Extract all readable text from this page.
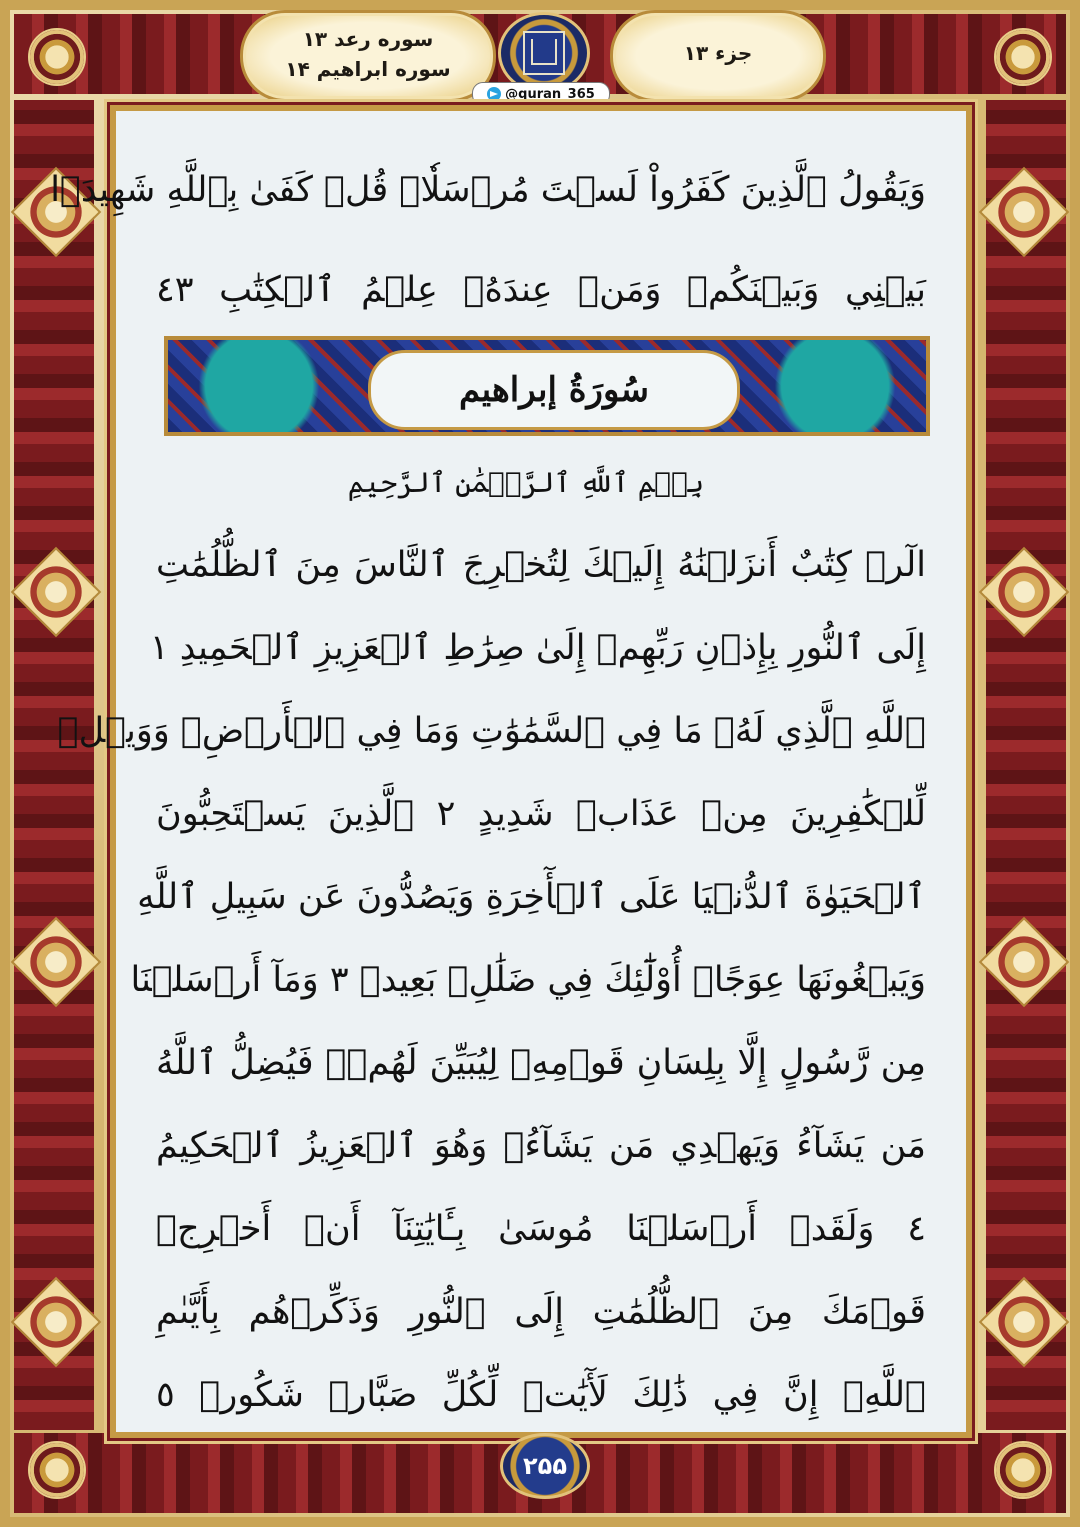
سوره رعد ۱۳
سوره ابراهیم ۱۴
جزء ۱۳
@quran_365
وَيَقُولُ ٱلَّذِينَ كَفَرُواْ لَسۡتَ مُرۡسَلٗاۚ قُلۡ كَفَىٰ بِٱللَّهِ شَهِيدَۢا
بَيۡنِي وَبَيۡنَكُمۡ وَمَنۡ عِندَهُۥ عِلۡمُ ٱلۡكِتَٰبِ ٤٣
سُورَةُ إبراهيم
بِسۡمِ ٱللَّهِ ٱلرَّحۡمَٰنِ ٱلرَّحِيمِ
الٓرۚ كِتَٰبٌ أَنزَلۡنَٰهُ إِلَيۡكَ لِتُخۡرِجَ ٱلنَّاسَ مِنَ ٱلظُّلُمَٰتِ
إِلَى ٱلنُّورِ بِإِذۡنِ رَبِّهِمۡ إِلَىٰ صِرَٰطِ ٱلۡعَزِيزِ ٱلۡحَمِيدِ ١
ٱللَّهِ ٱلَّذِي لَهُۥ مَا فِي ٱلسَّمَٰوَٰتِ وَمَا فِي ٱلۡأَرۡضِۗ وَوَيۡلٞ
لِّلۡكَٰفِرِينَ مِنۡ عَذَابٖ شَدِيدٍ ٢ ٱلَّذِينَ يَسۡتَحِبُّونَ
ٱلۡحَيَوٰةَ ٱلدُّنۡيَا عَلَى ٱلۡأٓخِرَةِ وَيَصُدُّونَ عَن سَبِيلِ ٱللَّهِ
وَيَبۡغُونَهَا عِوَجًاۚ أُوْلَٰٓئِكَ فِي ضَلَٰلِۢ بَعِيدٖ ٣ وَمَآ أَرۡسَلۡنَا
مِن رَّسُولٍ إِلَّا بِلِسَانِ قَوۡمِهِۦ لِيُبَيِّنَ لَهُمۡۖ فَيُضِلُّ ٱللَّهُ
مَن يَشَآءُ وَيَهۡدِي مَن يَشَآءُۚ وَهُوَ ٱلۡعَزِيزُ ٱلۡحَكِيمُ
٤ وَلَقَدۡ أَرۡسَلۡنَا مُوسَىٰ بِـَٔايَٰتِنَآ أَنۡ أَخۡرِجۡ
قَوۡمَكَ مِنَ ٱلظُّلُمَٰتِ إِلَى ٱلنُّورِ وَذَكِّرۡهُم بِأَيَّىٰمِ
ٱللَّهِۚ إِنَّ فِي ذَٰلِكَ لَأٓيَٰتٖ لِّكُلِّ صَبَّارٖ شَكُورٖ ٥
۲۵۵
